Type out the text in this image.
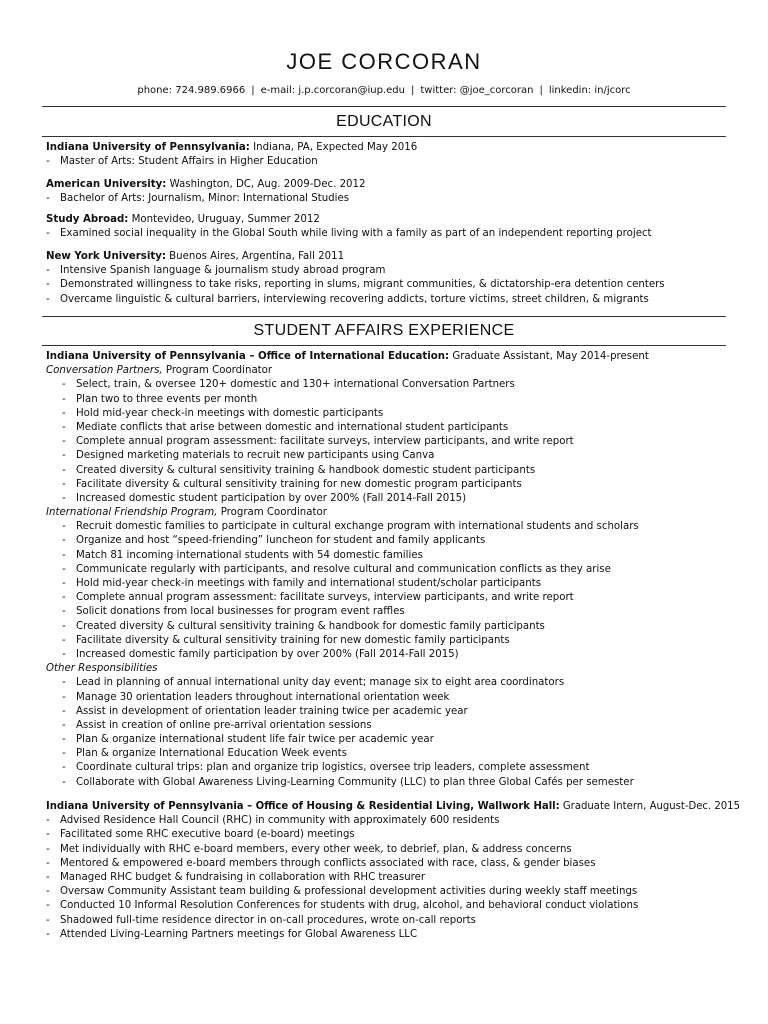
JOE CORCORAN
phone: 724.989.6966 | e-mail: j.p.corcoran@iup.edu | twitter: @joe_corcoran | linkedin: in/jcorc
EDUCATION
Indiana University of Pennsylvania: Indiana, PA, Expected May 2016
- Master of Arts: Student Affairs in Higher Education
American University: Washington, DC, Aug. 2009-Dec. 2012
- Bachelor of Arts: Journalism, Minor: International Studies
Study Abroad: Montevideo, Uruguay, Summer 2012
- Examined social inequality in the Global South while living with a family as part of an independent reporting project
New York University: Buenos Aires, Argentina, Fall 2011
- Intensive Spanish language & journalism study abroad program
- Demonstrated willingness to take risks, reporting in slums, migrant communities, & dictatorship-era detention centers
- Overcame linguistic & cultural barriers, interviewing recovering addicts, torture victims, street children, & migrants
STUDENT AFFAIRS EXPERIENCE
Indiana University of Pennsylvania – Office of International Education: Graduate Assistant, May 2014-present
Conversation Partners, Program Coordinator
- Select, train, & oversee 120+ domestic and 130+ international Conversation Partners
- Plan two to three events per month
- Hold mid-year check-in meetings with domestic participants
- Mediate conflicts that arise between domestic and international student participants
- Complete annual program assessment: facilitate surveys, interview participants, and write report
- Designed marketing materials to recruit new participants using Canva
- Created diversity & cultural sensitivity training & handbook domestic student participants
- Facilitate diversity & cultural sensitivity training for new domestic program participants
- Increased domestic student participation by over 200% (Fall 2014-Fall 2015)
International Friendship Program, Program Coordinator
- Recruit domestic families to participate in cultural exchange program with international students and scholars
- Organize and host “speed-friending” luncheon for student and family applicants
- Match 81 incoming international students with 54 domestic families
- Communicate regularly with participants, and resolve cultural and communication conflicts as they arise
- Hold mid-year check-in meetings with family and international student/scholar participants
- Complete annual program assessment: facilitate surveys, interview participants, and write report
- Solicit donations from local businesses for program event raffles
- Created diversity & cultural sensitivity training & handbook for domestic family participants
- Facilitate diversity & cultural sensitivity training for new domestic family participants
- Increased domestic family participation by over 200% (Fall 2014-Fall 2015)
Other Responsibilities
- Lead in planning of annual international unity day event; manage six to eight area coordinators
- Manage 30 orientation leaders throughout international orientation week
- Assist in development of orientation leader training twice per academic year
- Assist in creation of online pre-arrival orientation sessions
- Plan & organize international student life fair twice per academic year
- Plan & organize International Education Week events
- Coordinate cultural trips: plan and organize trip logistics, oversee trip leaders, complete assessment
- Collaborate with Global Awareness Living-Learning Community (LLC) to plan three Global Cafés per semester
Indiana University of Pennsylvania – Office of Housing & Residential Living, Wallwork Hall: Graduate Intern, August-Dec. 2015
- Advised Residence Hall Council (RHC) in community with approximately 600 residents
- Facilitated some RHC executive board (e-board) meetings
- Met individually with RHC e-board members, every other week, to debrief, plan, & address concerns
- Mentored & empowered e-board members through conflicts associated with race, class, & gender biases
- Managed RHC budget & fundraising in collaboration with RHC treasurer
- Oversaw Community Assistant team building & professional development activities during weekly staff meetings
- Conducted 10 Informal Resolution Conferences for students with drug, alcohol, and behavioral conduct violations
- Shadowed full-time residence director in on-call procedures, wrote on-call reports
- Attended Living-Learning Partners meetings for Global Awareness LLC
